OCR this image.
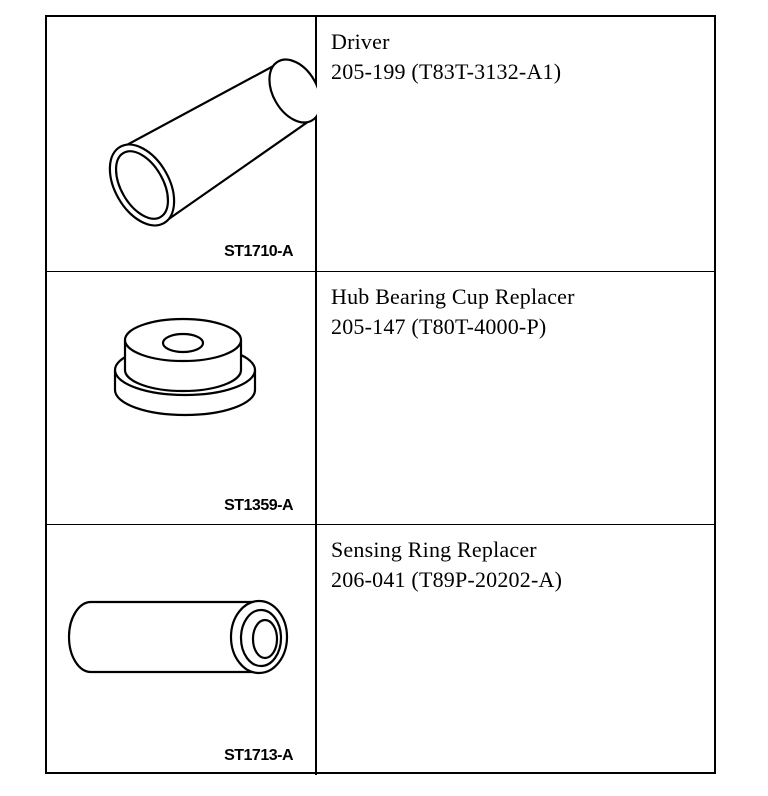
ST1710-A
Driver
205-199 (T83T-3132-A1)
ST1359-A
Hub Bearing Cup Replacer
205-147 (T80T-4000-P)
ST1713-A
Sensing Ring Replacer
206-041 (T89P-20202-A)
